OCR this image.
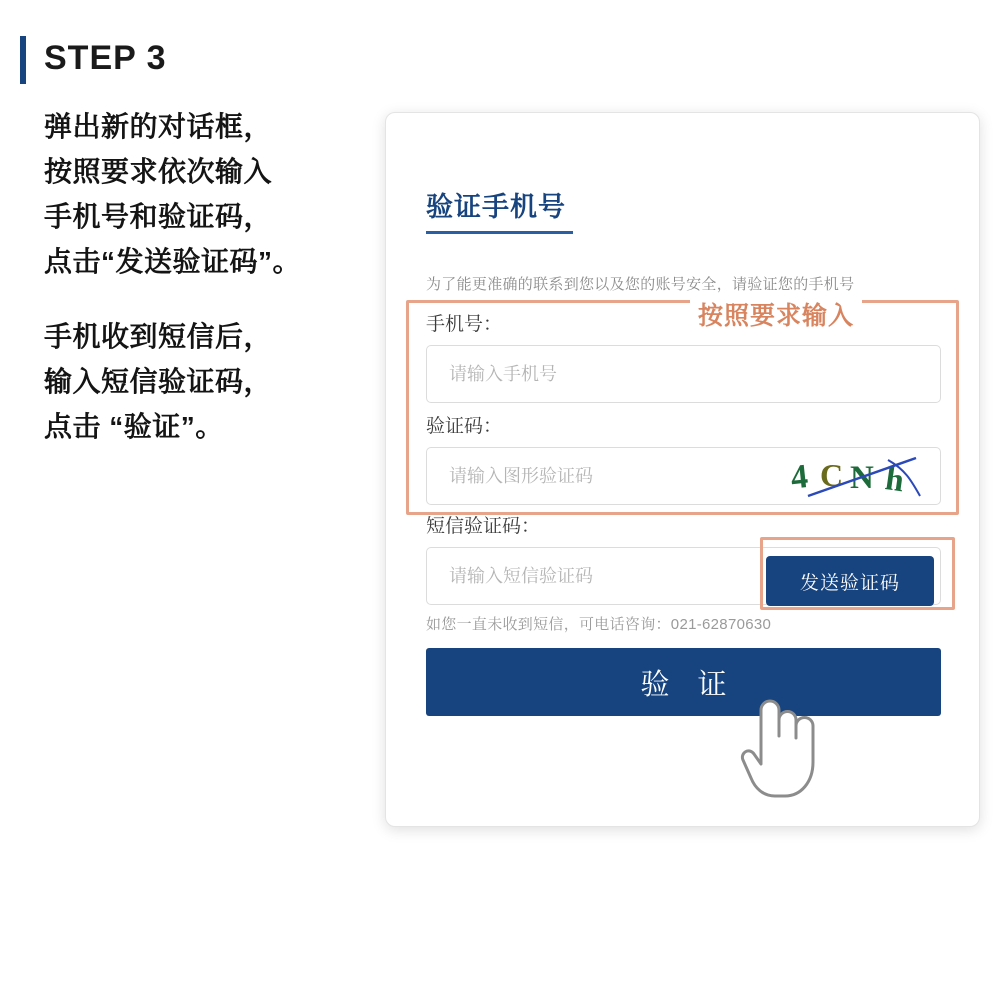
STEP 3
弹出新的对话框，
按照要求依次输入
手机号和验证码，
点击“发送验证码”。
手机收到短信后，
输入短信验证码，
点击 “验证”。
验证手机号
为了能更准确的联系到您以及您的账号安全，请验证您的手机号
手机号：
请输入手机号
验证码：
请输入图形验证码	4 C N h
短信验证码：
请输入短信验证码	发送验证码
如您一直未收到短信，可电话咨询：021-62870630
验 证
按照要求输入
